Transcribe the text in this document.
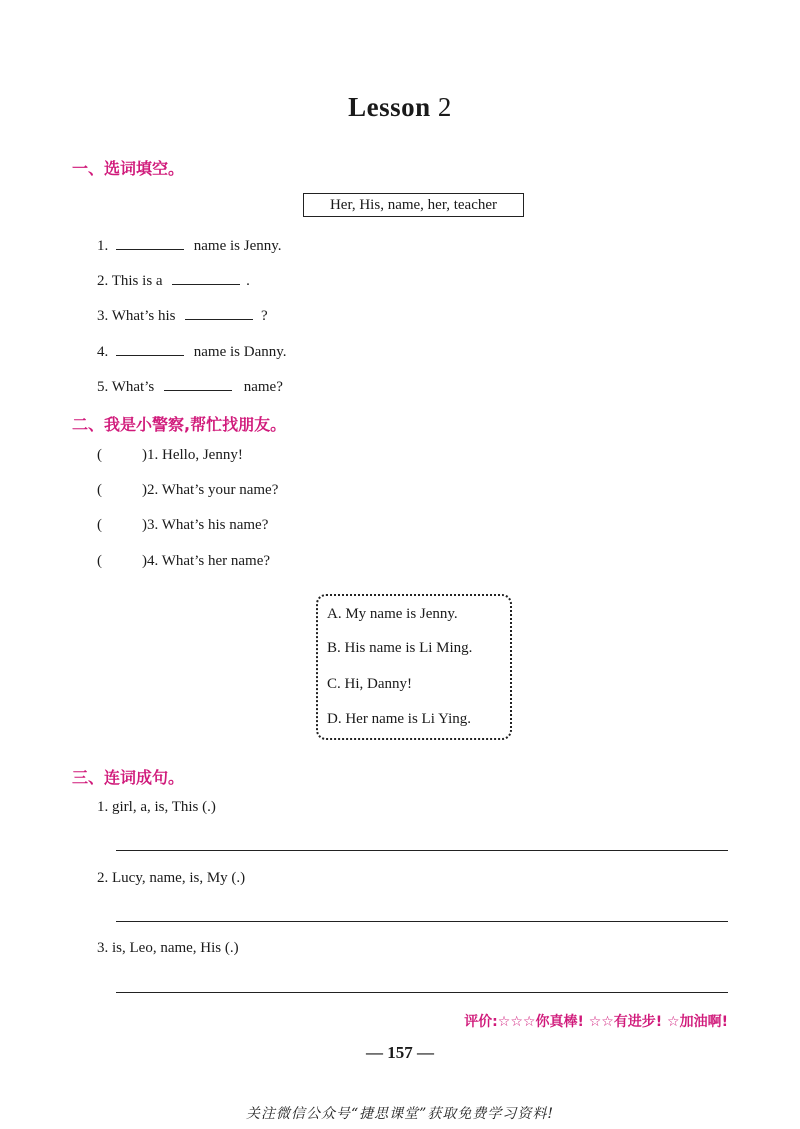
Lesson 2
一、选词填空。
Her, His, name, her, teacher
1.	name is Jenny.
2. This is a	.
3. What’s his	?
4.	name is Danny.
5. What’s	name?
二、我是小警察,帮忙找朋友。
(	)1. Hello, Jenny!
(	)2. What’s your name?
(	)3. What’s his name?
(	)4. What’s her name?
A. My name is Jenny.
B. His name is Li Ming.
C. Hi, Danny!
D. Her name is Li Ying.
三、连词成句。
1. girl, a, is, This (.)
2. Lucy, name, is, My (.)
3. is, Leo, name, His (.)
评价:☆☆☆你真棒! ☆☆有进步! ☆加油啊!
— 157 —
关注微信公众号“捷思课堂”获取免费学习资料!
